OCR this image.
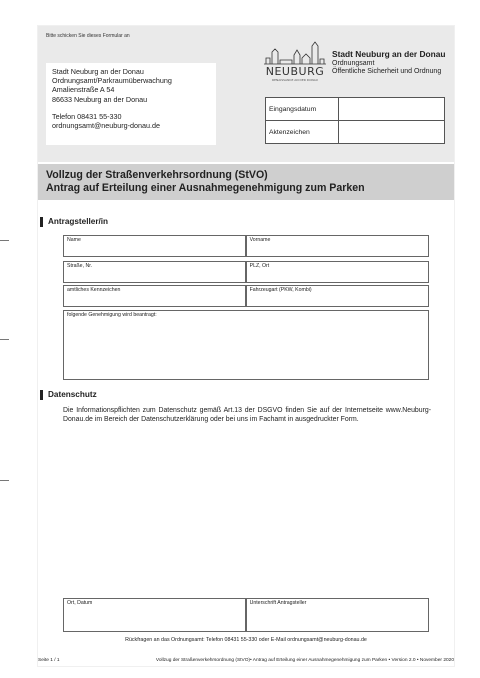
Bitte schicken Sie dieses Formular an
Stadt Neuburg an der Donau
Ordnungsamt/Parkraumüberwachung
Amalienstraße A 54
86633 Neuburg an der Donau
Telefon 08431 55-330
ordnungsamt@neuburg-donau.de
NEUBURG
RENAISSANCE AN DER DONAU
Stadt Neuburg an der Donau
Ordnungsamt
Öffentliche Sicherheit und Ordnung
Eingangsdatum	
Aktenzeichen	
Vollzug der Straßenverkehrsordnung (StVO)
Antrag auf Erteilung einer Ausnahmegenehmigung zum Parken
Antragsteller/in
Name	Vorname
Straße, Nr.	PLZ, Ort
amtliches Kennzeichen	Fahrzeugart (PKW, Kombi)
folgende Genehmigung wird beantragt:
Datenschutz
Die Informationspflichten zum Datenschutz gemäß Art.13 der DSGVO finden Sie auf der Internetseite www.Neuburg-Donau.de im Bereich der Datenschutzerklärung oder bei uns im Fachamt in ausgedruckter Form.
Ort, Datum	Unterschrift Antragsteller
Rückfragen an das Ordnungsamt: Telefon 08431 55-330 oder E-Mail ordnungsamt@neuburg-donau.de
Seite 1 / 1	Vollzug der Straßenverkehrsordnung (StVO)• Antrag auf Erteilung einer Ausnahmegenehmigung zum Parken • Version 2.0 • November 2020
